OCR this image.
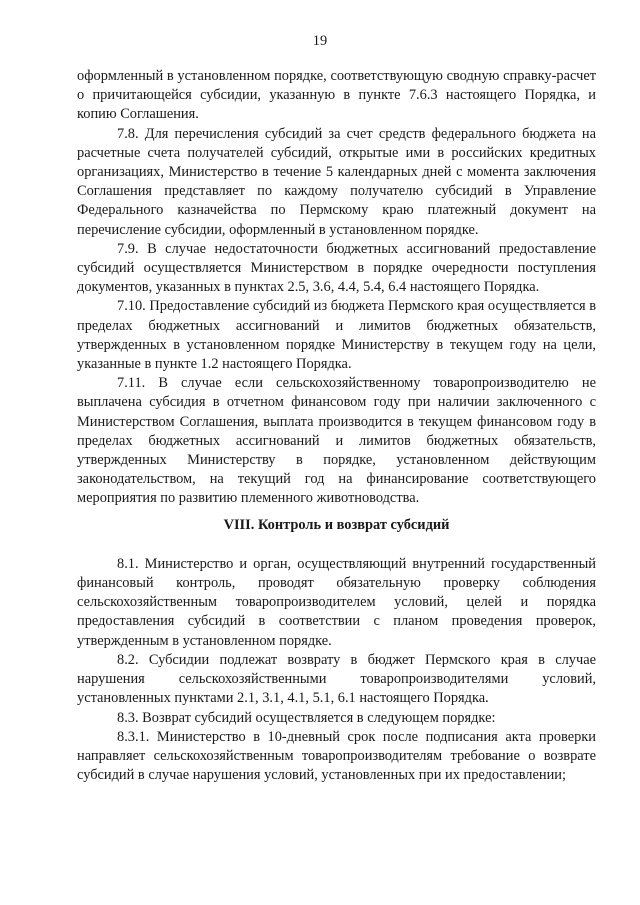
19

оформленный в установленном порядке, соответствующую сводную справку-расчет о причитающейся субсидии, указанную в пункте 7.6.3 настоящего Порядка, и копию Соглашения.

7.8. Для перечисления субсидий за счет средств федерального бюджета на расчетные счета получателей субсидий, открытые ими в российских кредитных организациях, Министерство в течение 5 календарных дней с момента заключения Соглашения представляет по каждому получателю субсидий в Управление Федерального казначейства по Пермскому краю платежный документ на перечисление субсидии, оформленный в установленном порядке.

7.9. В случае недостаточности бюджетных ассигнований предоставление субсидий осуществляется Министерством в порядке очередности поступления документов, указанных в пунктах 2.5, 3.6, 4.4, 5.4, 6.4 настоящего Порядка.

7.10. Предоставление субсидий из бюджета Пермского края осуществляется в пределах бюджетных ассигнований и лимитов бюджетных обязательств, утвержденных в установленном порядке Министерству в текущем году на цели, указанные в пункте 1.2 настоящего Порядка.

7.11. В случае если сельскохозяйственному товаропроизводителю не выплачена субсидия в отчетном финансовом году при наличии заключенного с Министерством Соглашения, выплата производится в текущем финансовом году в пределах бюджетных ассигнований и лимитов бюджетных обязательств, утвержденных Министерству в порядке, установленном действующим законодательством, на текущий год на финансирование соответствующего мероприятия по развитию племенного животноводства.

VIII. Контроль и возврат субсидий

8.1. Министерство и орган, осуществляющий внутренний государственный финансовый контроль, проводят обязательную проверку соблюдения сельскохозяйственным товаропроизводителем условий, целей и порядка предоставления субсидий в соответствии с планом проведения проверок, утвержденным в установленном порядке.

8.2. Субсидии подлежат возврату в бюджет Пермского края в случае нарушения сельскохозяйственными товаропроизводителями условий, установленных пунктами 2.1, 3.1, 4.1, 5.1, 6.1 настоящего Порядка.

8.3. Возврат субсидий осуществляется в следующем порядке:

8.3.1. Министерство в 10-дневный срок после подписания акта проверки направляет сельскохозяйственным товаропроизводителям требование о возврате субсидий в случае нарушения условий, установленных при их предоставлении;
